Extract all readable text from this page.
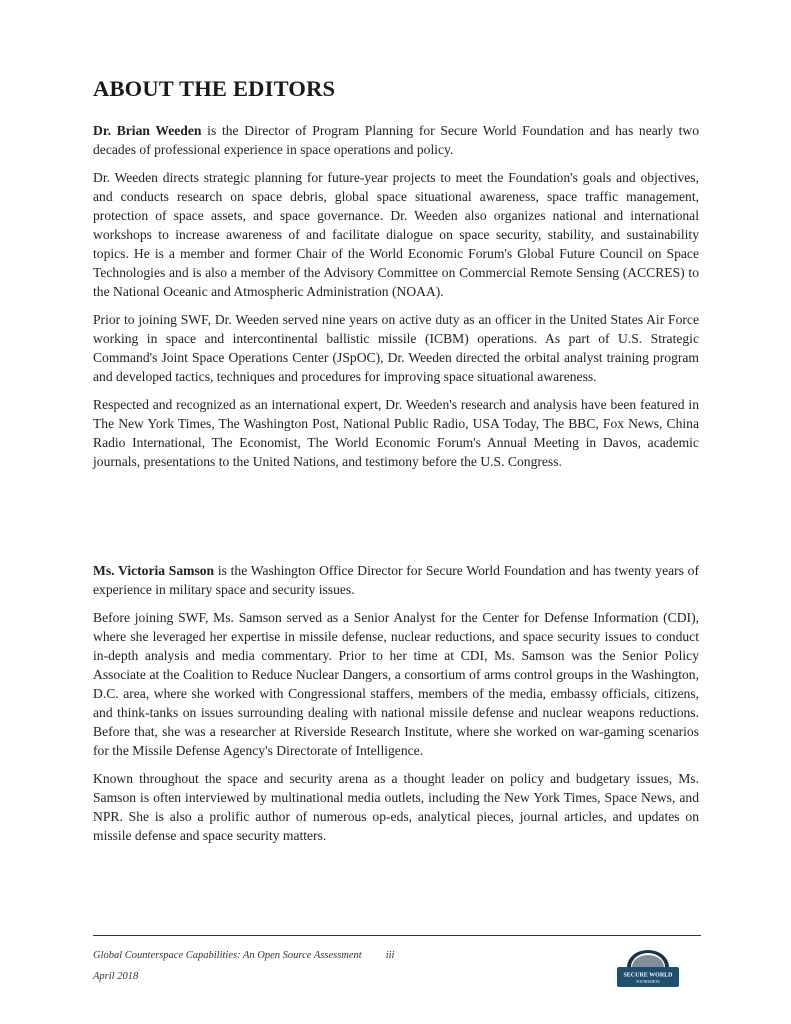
ABOUT THE EDITORS

Dr. Brian Weeden is the Director of Program Planning for Secure World Foundation and has nearly two decades of professional experience in space operations and policy.

Dr. Weeden directs strategic planning for future-year projects to meet the Foundation's goals and objectives, and conducts research on space debris, global space situational awareness, space traffic management, protection of space assets, and space governance. Dr. Weeden also organizes national and international workshops to increase awareness of and facilitate dialogue on space security, stability, and sustainability topics. He is a member and former Chair of the World Economic Forum's Global Future Council on Space Technologies and is also a member of the Advisory Committee on Commercial Remote Sensing (ACCRES) to the National Oceanic and Atmospheric Administration (NOAA).

Prior to joining SWF, Dr. Weeden served nine years on active duty as an officer in the United States Air Force working in space and intercontinental ballistic missile (ICBM) operations. As part of U.S. Strategic Command's Joint Space Operations Center (JSpOC), Dr. Weeden directed the orbital analyst training program and developed tactics, techniques and procedures for improving space situational awareness.

Respected and recognized as an international expert, Dr. Weeden's research and analysis have been featured in The New York Times, The Washington Post, National Public Radio, USA Today, The BBC, Fox News, China Radio International, The Economist, The World Economic Forum's Annual Meeting in Davos, academic journals, presentations to the United Nations, and testimony before the U.S. Congress.

Ms. Victoria Samson is the Washington Office Director for Secure World Foundation and has twenty years of experience in military space and security issues.

Before joining SWF, Ms. Samson served as a Senior Analyst for the Center for Defense Information (CDI), where she leveraged her expertise in missile defense, nuclear reductions, and space security issues to conduct in-depth analysis and media commentary. Prior to her time at CDI, Ms. Samson was the Senior Policy Associate at the Coalition to Reduce Nuclear Dangers, a consortium of arms control groups in the Washington, D.C. area, where she worked with Congressional staffers, members of the media, embassy officials, citizens, and think-tanks on issues surrounding dealing with national missile defense and nuclear weapons reductions. Before that, she was a researcher at Riverside Research Institute, where she worked on war-gaming scenarios for the Missile Defense Agency's Directorate of Intelligence.

Known throughout the space and security arena as a thought leader on policy and budgetary issues, Ms. Samson is often interviewed by multinational media outlets, including the New York Times, Space News, and NPR. She is also a prolific author of numerous op-eds, analytical pieces, journal articles, and updates on missile defense and space security matters.

Global Counterspace Capabilities: An Open Source Assessment iii
April 2018	SECURE WORLD
FOUNDATION
